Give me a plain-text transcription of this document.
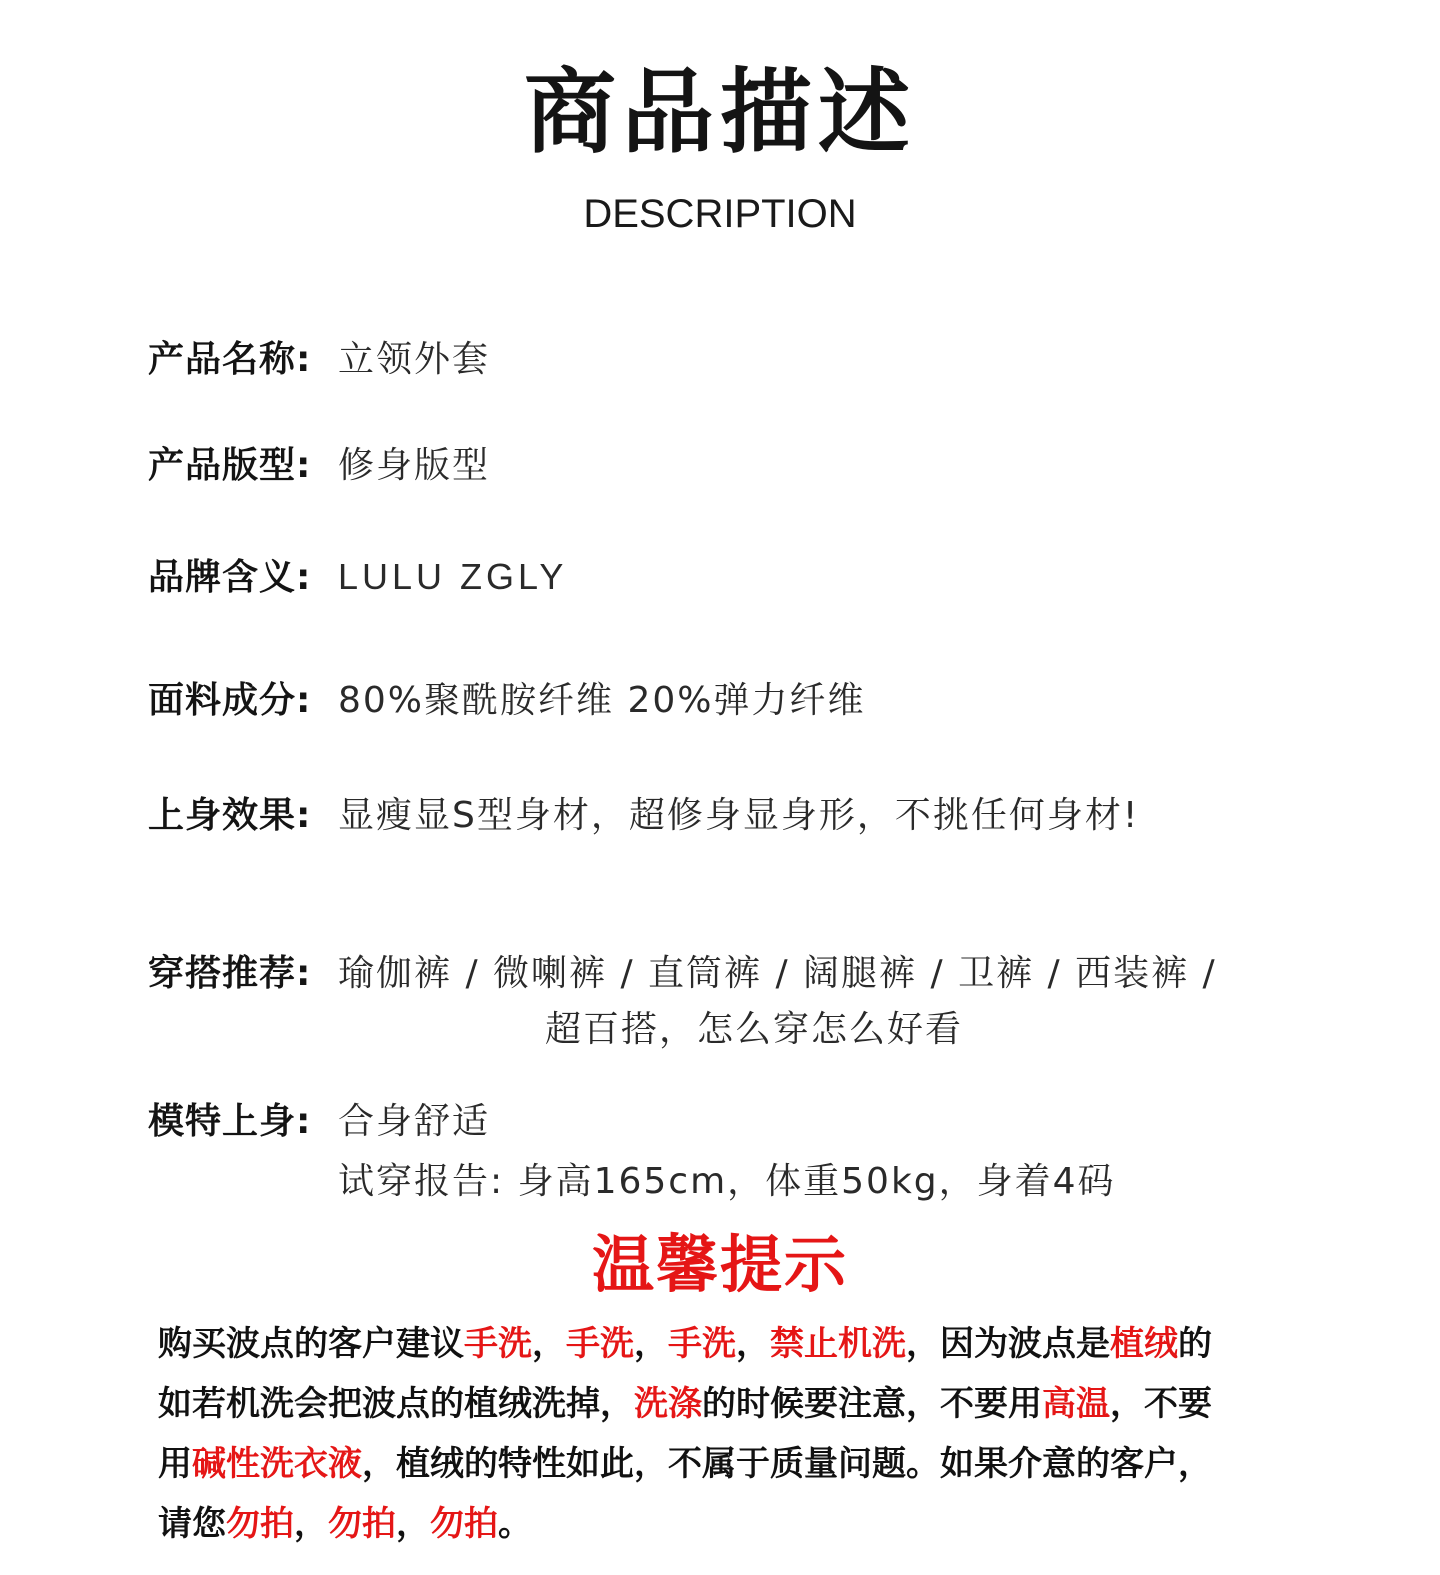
商品描述
DESCRIPTION
产品名称: 立领外套
产品版型: 修身版型
品牌含义: LULU ZGLY
面料成分: 80%聚酰胺纤维 20%弹力纤维
上身效果: 显瘦显S型身材，超修身显身形，不挑任何身材!
穿搭推荐: 瑜伽裤 / 微喇裤 / 直筒裤 / 阔腿裤 / 卫裤 / 西装裤 /
超百搭，怎么穿怎么好看
模特上身: 合身舒适
试穿报告: 身高165cm，体重50kg，身着4码
温馨提示
购买波点的客户建议手洗，手洗，手洗，禁止机洗，因为波点是植绒的
如若机洗会把波点的植绒洗掉，洗涤的时候要注意，不要用高温，不要
用碱性洗衣液，植绒的特性如此，不属于质量问题。如果介意的客户，
请您勿拍，勿拍，勿拍。
